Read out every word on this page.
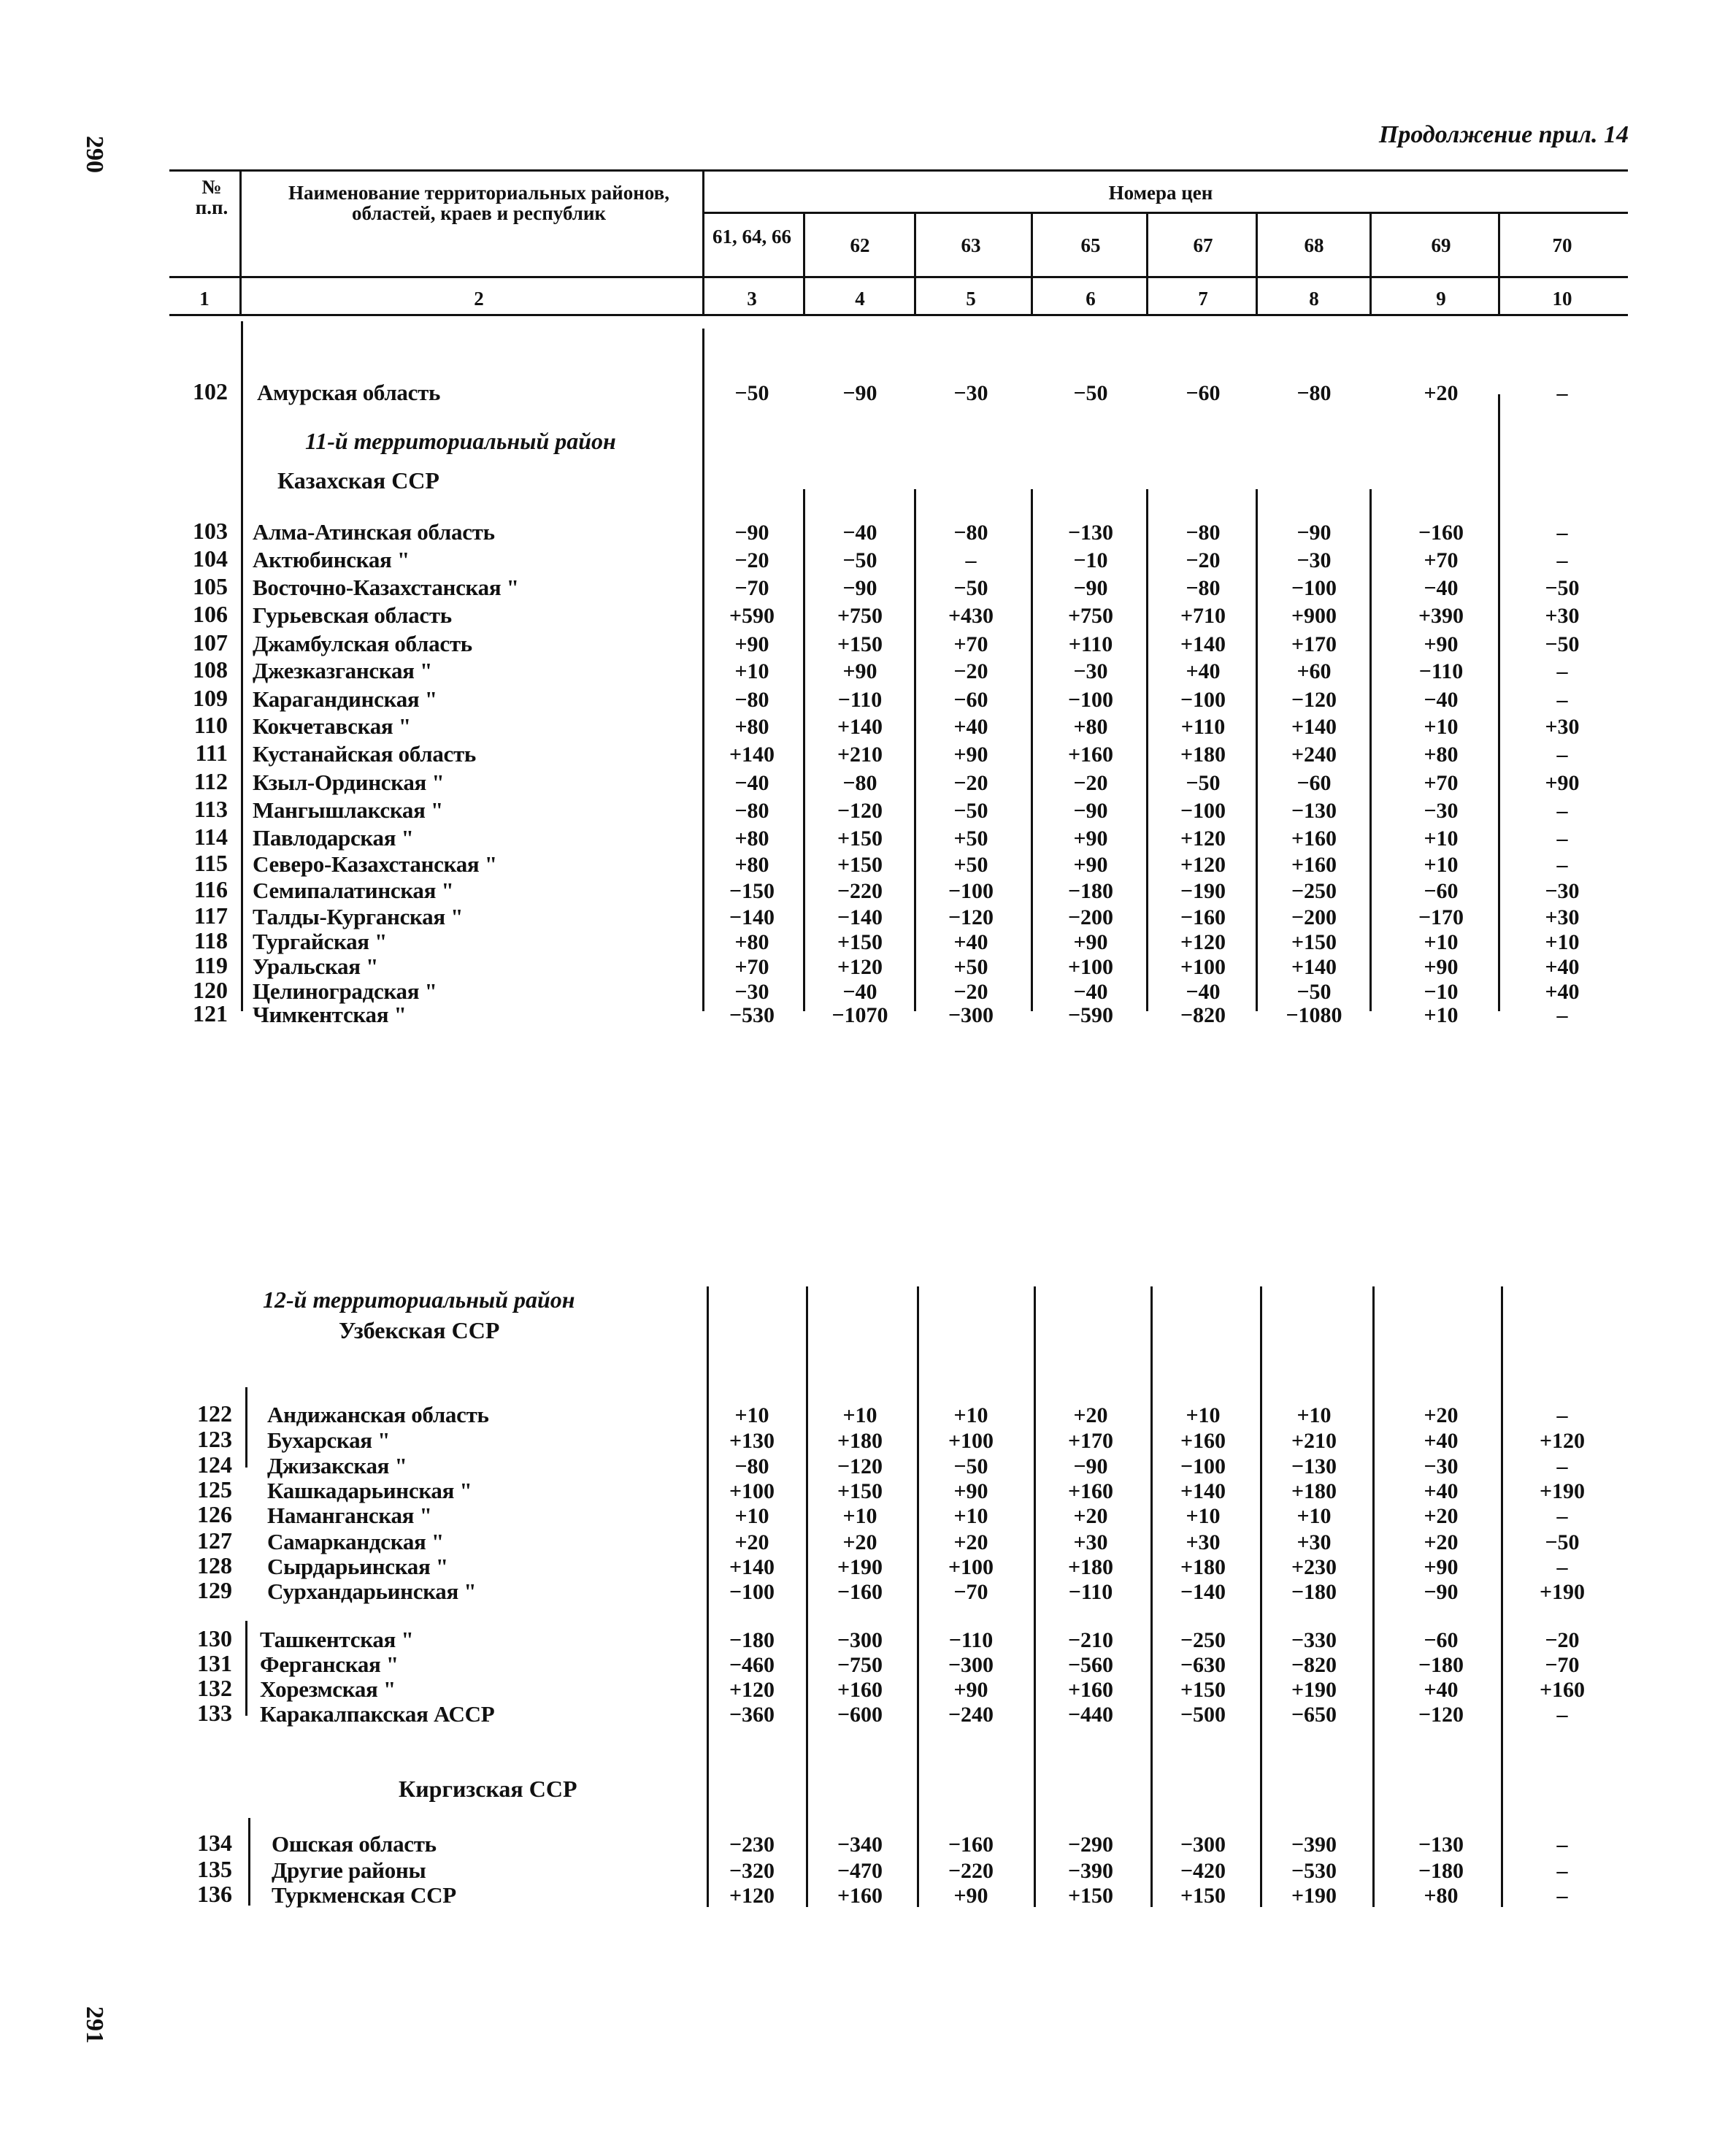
290
291
Продолжение прил. 14
№ п.п.
Наименование территориальных районов, областей, краев и республик
Номера цен
61, 64, 66	62	63	65	67	68	69	70
1	2	3	4	5	6	7	8	9	10
11-й территориальный район
Казахская ССР
12-й территориальный район
Узбекская ССР
Киргизская ССР
102 Амурская область	−50	−90	−30	−50	−60	−80	+20	–
103 Алма-Атинская область	−90	−40	−80	−130	−80	−90	−160	–
104 Актюбинская "	−20	−50	–	−10	−20	−30	+70	–
105 Восточно-Казахстанская "	−70	−90	−50	−90	−80	−100	−40	−50
106 Гурьевская область	+590	+750	+430	+750	+710	+900	+390	+30
107 Джамбулская область	+90	+150	+70	+110	+140	+170	+90	−50
108 Джезказганская "	+10	+90	−20	−30	+40	+60	−110	–
109 Карагандинская "	−80	−110	−60	−100	−100	−120	−40	–
110 Кокчетавская "	+80	+140	+40	+80	+110	+140	+10	+30
111 Кустанайская область	+140	+210	+90	+160	+180	+240	+80	–
112 Кзыл-Ординская "	−40	−80	−20	−20	−50	−60	+70	+90
113 Мангышлакская "	−80	−120	−50	−90	−100	−130	−30	–
114 Павлодарская "	+80	+150	+50	+90	+120	+160	+10	–
115 Северо-Казахстанская "	+80	+150	+50	+90	+120	+160	+10	–
116 Семипалатинская "	−150	−220	−100	−180	−190	−250	−60	−30
117 Талды-Курганская "	−140	−140	−120	−200	−160	−200	−170	+30
118 Тургайская "	+80	+150	+40	+90	+120	+150	+10	+10
119 Уральская "	+70	+120	+50	+100	+100	+140	+90	+40
120 Целиноградская "	−30	−40	−20	−40	−40	−50	−10	+40
121 Чимкентская "	−530	−1070	−300	−590	−820	−1080	+10	–
122 Андижанская область	+10	+10	+10	+20	+10	+10	+20	–
123 Бухарская "	+130	+180	+100	+170	+160	+210	+40	+120
124 Джизакская "	−80	−120	−50	−90	−100	−130	−30	–
125 Кашкадарьинская "	+100	+150	+90	+160	+140	+180	+40	+190
126 Наманганская "	+10	+10	+10	+20	+10	+10	+20	–
127 Самаркандская "	+20	+20	+20	+30	+30	+30	+20	−50
128 Сырдарьинская "	+140	+190	+100	+180	+180	+230	+90	–
129 Сурхандарьинская "	−100	−160	−70	−110	−140	−180	−90	+190
130 Ташкентская "	−180	−300	−110	−210	−250	−330	−60	−20
131 Ферганская "	−460	−750	−300	−560	−630	−820	−180	−70
132 Хорезмская "	+120	+160	+90	+160	+150	+190	+40	+160
133 Каракалпакская АССР	−360	−600	−240	−440	−500	−650	−120	–
134 Ошская область	−230	−340	−160	−290	−300	−390	−130	–
135 Другие районы	−320	−470	−220	−390	−420	−530	−180	–
136 Туркменская ССР	+120	+160	+90	+150	+150	+190	+80	–
